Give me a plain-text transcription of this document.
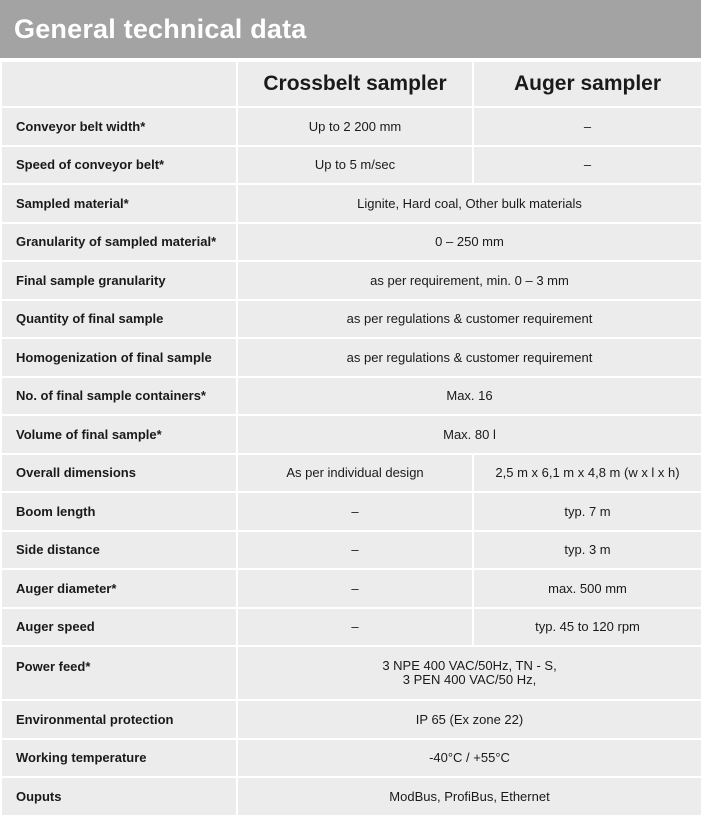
General technical data
	Crossbelt sampler	Auger sampler
Conveyor belt width*	Up to 2 200 mm	–
Speed of conveyor belt*	Up to 5 m/sec	–
Sampled material*	Lignite, Hard coal, Other bulk materials	
Granularity of sampled material*	0 – 250 mm	
Final sample granularity	as per requirement, min. 0 – 3 mm	
Quantity of final sample	as per regulations & customer requirement	
Homogenization of final sample	as per regulations & customer requirement	
No. of final sample containers*	Max. 16	
Volume of final sample*	Max. 80 l	
Overall dimensions	As per individual design	2,5 m x 6,1 m x 4,8 m (w x l x h)
Boom length	–	typ. 7 m
Side distance	–	typ. 3 m
Auger diameter*	–	max. 500 mm
Auger speed	–	typ. 45 to 120 rpm
Power feed*	3 NPE 400 VAC/50Hz, TN - S,
3 PEN 400 VAC/50 Hz,	

Environmental protection	IP 65 (Ex zone 22)	
Working temperature	-40°C / +55°C	
Ouputs	ModBus, ProfiBus, Ethernet	
